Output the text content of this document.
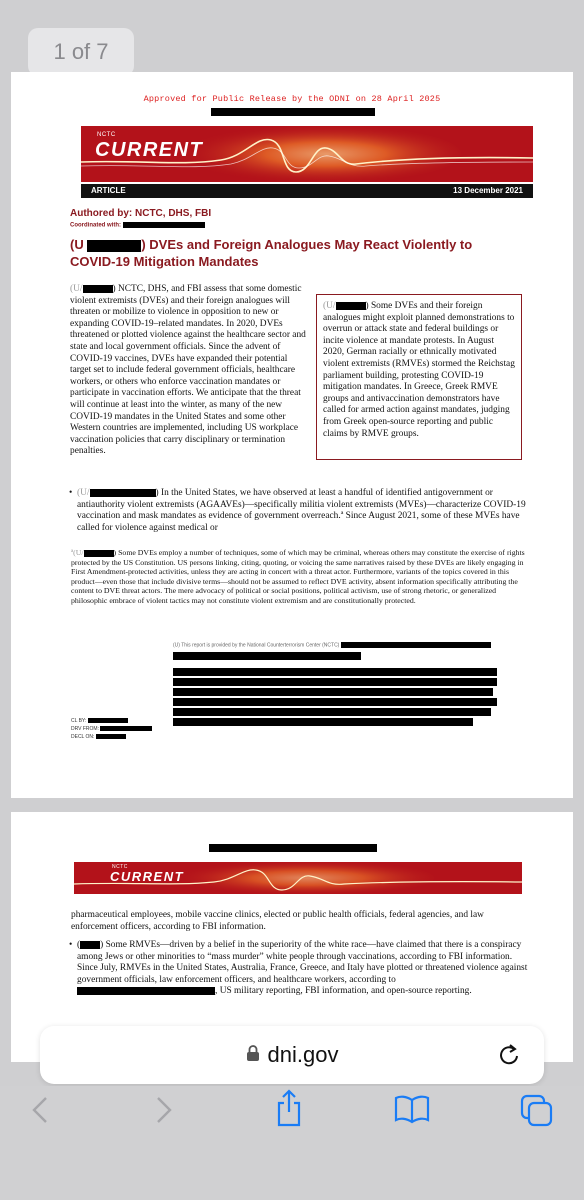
1 of 7
Approved for Public Release by the ODNI on 28 April 2025
NCTC
CURRENT
ARTICLE	13 December 2021
Authored by: NCTC, DHS, FBI
Coordinated with:
(U	) DVEs and Foreign Analogues May React Violently to COVID-19 Mitigation Mandates
(U/	) NCTC, DHS, and FBI assess that some domestic violent extremists (DVEs) and their foreign analogues will threaten or mobilize to violence in opposition to new or expanding COVID-19–related mandates. In 2020, DVEs threatened or plotted violence against the healthcare sector and state and local government officials. Since the advent of COVID-19 vaccines, DVEs have expanded their potential target set to include federal government officials, healthcare workers, or others who enforce vaccination mandates or participate in vaccination efforts. We anticipate that the threat will continue at least into the winter, as many of the new COVID-19 mandates in the United States and some other Western countries are implemented, including US workplace vaccination policies that carry disciplinary or termination penalties.
(U/	) Some DVEs and their foreign analogues might exploit planned demonstrations to overrun or attack state and federal buildings or incite violence at mandate protests. In August 2020, German racially or ethnically motivated violent extremists (RMVEs) stormed the Reichstag parliament building, protesting COVID-19 mitigation mandates. In Greece, Greek RMVE groups and antivaccination demonstrators have called for armed action against mandates, judging from Greek open-source reporting and public claims by RMVE groups.
• (U/	) In the United States, we have observed at least a handful of identified antigovernment or antiauthority violent extremists (AGAAVEs)—specifically militia violent extremists (MVEs)—characterize COVID-19 vaccination and mask mandates as evidence of government overreach.ª Since August 2021, some of these MVEs have called for violence against medical or
ª(U/	) Some DVEs employ a number of techniques, some of which may be criminal, whereas others may constitute the exercise of rights protected by the US Constitution. US persons linking, citing, quoting, or voicing the same narratives raised by these DVEs are likely engaging in First Amendment-protected activities, unless they are acting in concert with a threat actor. Furthermore, variants of the topics covered in this product—even those that include divisive terms—should not be assumed to reflect DVE activity, absent information specifically attributing the content to DVE threat actors. The mere advocacy of political or social positions, political activism, use of strong rhetoric, or generalized philosophic embrace of violent tactics may not constitute violent extremism and are constitutionally protected.
(U) This report is provided by the National Counterterrorism Center (NCTC)
CL BY:
DRV FROM:
DECL ON:
NCTC
CURRENT
pharmaceutical employees, mobile vaccine clinics, elected or public health officials, federal agencies, and law enforcement officers, according to FBI information.
• ( ) Some RMVEs—driven by a belief in the superiority of the white race—have claimed that there is a conspiracy among Jews or other minorities to “mass murder” white people through vaccinations, according to FBI information. Since July, RMVEs in the United States, Australia, France, Greece, and Italy have plotted or threatened violence against government officials, law enforcement officers, and healthcare workers, according to , US military reporting, FBI information, and open-source reporting.
dni.gov
